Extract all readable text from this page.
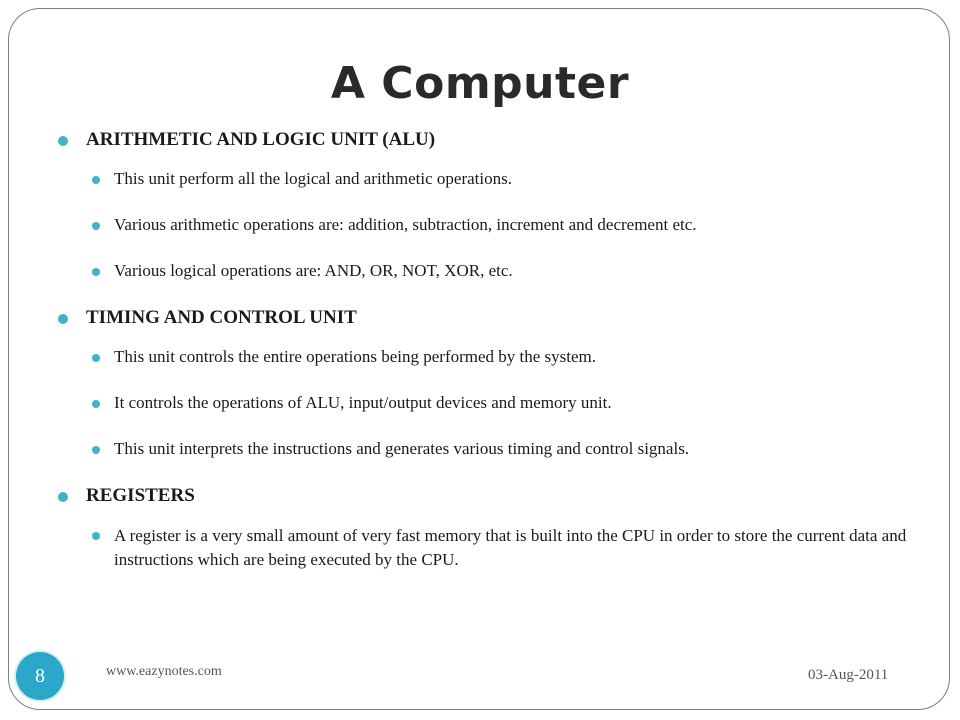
A Computer
ARITHMETIC AND LOGIC UNIT (ALU)
This unit perform all the logical and arithmetic operations.
Various arithmetic operations are: addition, subtraction, increment and decrement etc.
Various logical operations are: AND, OR, NOT, XOR, etc.
TIMING AND CONTROL UNIT
This unit controls the entire operations being performed by the system.
It controls the operations of ALU, input/output devices and memory unit.
This unit interprets the instructions and generates various timing and control signals.
REGISTERS
A register is a very small amount of very fast memory that is built into the CPU in order to store the current data and instructions which are being executed by the CPU.
8	www.eazynotes.com	03-Aug-2011
